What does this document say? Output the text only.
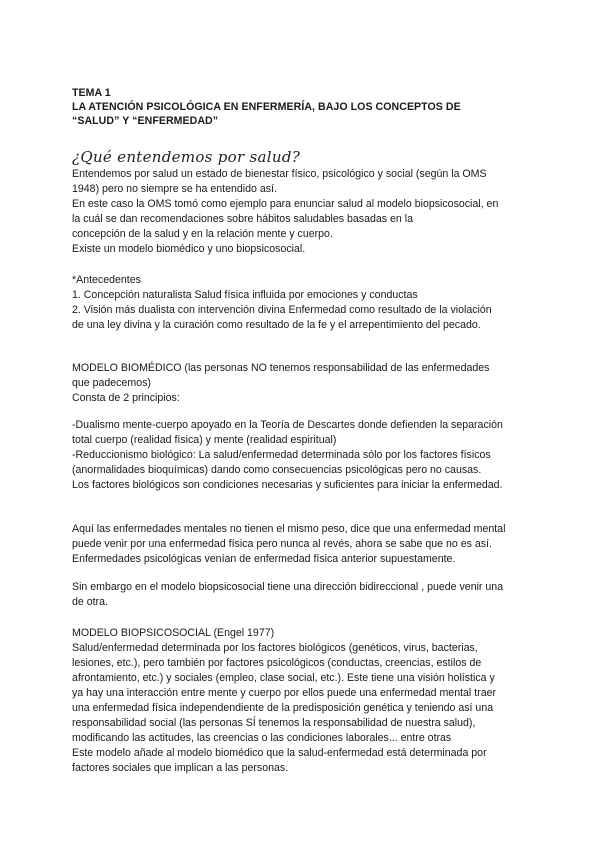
TEMA 1
LA ATENCIÓN PSICOLÓGICA EN ENFERMERÍA, BAJO LOS CONCEPTOS DE
“SALUD” Y “ENFERMEDAD”
¿Qué entendemos por salud?
Entendemos por salud un estado de bienestar físico, psicológico y social (según la OMS
1948) pero no siempre se ha entendido así.
En este caso la OMS tomó como ejemplo para enunciar salud al modelo biopsicosocial, en
la cuál se dan recomendaciones sobre hábitos saludables basadas en la
concepción de la salud y en la relación mente y cuerpo.
Existe un modelo biomédico y uno biopsicosocial.
*Antecedentes
1. Concepción naturalista Salud física influida por emociones y conductas
2. Visión más dualista con intervención divina Enfermedad como resultado de la violación
de una ley divina y la curación como resultado de la fe y el arrepentimiento del pecado.
MODELO BIOMÉDICO (las personas NO tenemos responsabilidad de las enfermedades
que padecemos)
Consta de 2 principios:
-Dualismo mente-cuerpo apoyado en la Teoría de Descartes donde defienden la separación
total cuerpo (realidad física) y mente (realidad espiritual)
-Reduccionismo biológico: La salud/enfermedad determinada sólo por los factores físicos
(anormalidades bioquímicas) dando como consecuencias psicológicas pero no causas.
Los factores biológicos son condiciones necesarias y suficientes para iniciar la enfermedad.
Aquí las enfermedades mentales no tienen el mismo peso, dice que una enfermedad mental
puede venir por una enfermedad física pero nunca al revés, ahora se sabe que no es así.
Enfermedades psicológicas venían de enfermedad física anterior supuestamente.
Sin embargo en el modelo biopsicosocial tiene una dirección bidireccional , puede venir una
de otra.
MODELO BIOPSICOSOCIAL (Engel 1977)
Salud/enfermedad determinada por los factores biológicos (genéticos, virus, bacterias,
lesiones, etc.), pero también por factores psicológicos (conductas, creencias, estilos de
afrontamiento, etc.) y sociales (empleo, clase social, etc.). Este tiene una visión holística y
ya hay una interacción entre mente y cuerpo por ellos puede una enfermedad mental traer
una enfermedad física independendiente de la predisposición genética y teniendo así una
responsabilidad social (las personas SÍ tenemos la responsabilidad de nuestra salud),
modificando las actitudes, las creencias o las condiciones laborales... entre otras
Este modelo añade al modelo biomédico que la salud-enfermedad está determinada por
factores sociales que implican a las personas.
